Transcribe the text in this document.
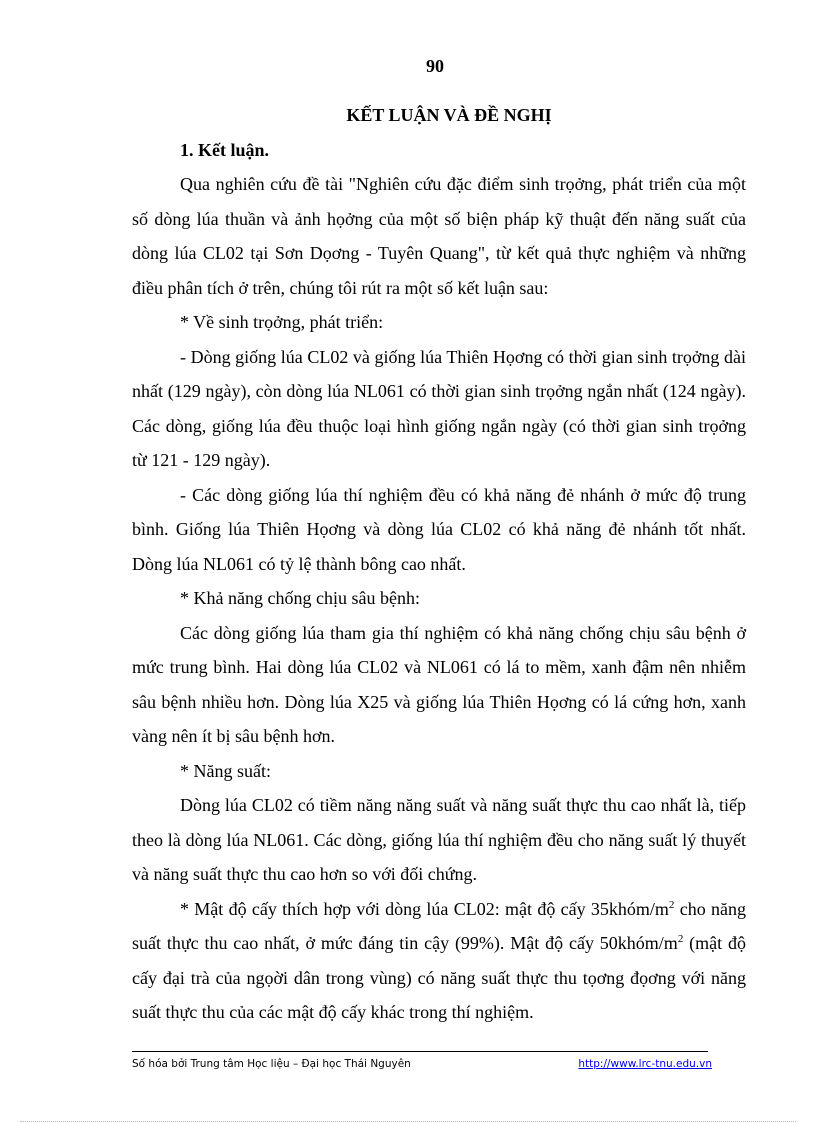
90
KẾT LUẬN VÀ ĐỀ NGHỊ
1. Kết luận.

Qua nghiên cứu đề tài "Nghiên cứu đặc điểm sinh trọởng, phát triển của một số dòng lúa thuần và ảnh họởng của một số biện pháp kỹ thuật đến năng suất của dòng lúa CL02 tại Sơn Dọơng - Tuyên Quang", từ kết quả thực nghiệm và những điều phân tích ở trên, chúng tôi rút ra một số kết luận sau:

* Về sinh trọởng, phát triển:

- Dòng giống lúa CL02 và giống lúa Thiên Họơng có thời gian sinh trọởng dài nhất (129 ngày), còn dòng lúa NL061 có thời gian sinh trọởng ngắn nhất (124 ngày). Các dòng, giống lúa đều thuộc loại hình giống ngắn ngày (có thời gian sinh trọởng từ 121 - 129 ngày).

- Các dòng giống lúa thí nghiệm đều có khả năng đẻ nhánh ở mức độ trung bình. Giống lúa Thiên Họơng và dòng lúa CL02 có khả năng đẻ nhánh tốt nhất. Dòng lúa NL061 có tỷ lệ thành bông cao nhất.

* Khả năng chống chịu sâu bệnh:

Các dòng giống lúa tham gia thí nghiệm có khả năng chống chịu sâu bệnh ở mức trung bình. Hai dòng lúa CL02 và NL061 có lá to mềm, xanh đậm nên nhiễm sâu bệnh nhiều hơn. Dòng lúa X25 và giống lúa Thiên Họơng có lá cứng hơn, xanh vàng nên ít bị sâu bệnh hơn.

* Năng suất:

Dòng lúa CL02 có tiềm năng năng suất và năng suất thực thu cao nhất là, tiếp theo là dòng lúa NL061. Các dòng, giống lúa thí nghiệm đều cho năng suất lý thuyết và năng suất thực thu cao hơn so với đối chứng.

* Mật độ cấy thích hợp với dòng lúa CL02: mật độ cấy $35khóm/m^2$ cho năng suất thực thu cao nhất, ở mức đáng tin cậy (99%). Mật độ cấy $50khóm/m^2$ (mật độ cấy đại trà của ngọời dân trong vùng) có năng suất thực thu tọơng đọơng với năng suất thực thu của các mật độ cấy khác trong thí nghiệm.

Số hóa bởi Trung tâm Học liệu – Đại học Thái Nguyên	http://www.lrc-tnu.edu.vn
